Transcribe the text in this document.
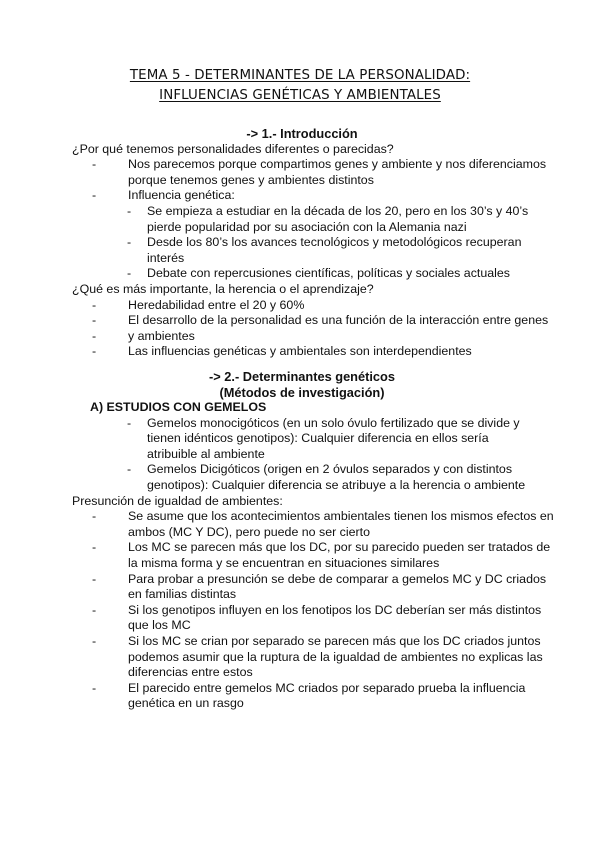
TEMA 5 - DETERMINANTES DE LA PERSONALIDAD:
INFLUENCIAS GENÉTICAS Y AMBIENTALES
-> 1.- Introducción
¿Por qué tenemos personalidades diferentes o parecidas?
- Nos parecemos porque compartimos genes y ambiente y nos diferenciamos
porque tenemos genes y ambientes distintos
- Influencia genética:
- Se empieza a estudiar en la década de los 20, pero en los 30’s y 40’s
pierde popularidad por su asociación con la Alemania nazi
- Desde los 80’s los avances tecnológicos y metodológicos recuperan
interés
- Debate con repercusiones científicas, políticas y sociales actuales
¿Qué es más importante, la herencia o el aprendizaje?
- Heredabilidad entre el 20 y 60%
- El desarrollo de la personalidad es una función de la interacción entre genes
- y ambientes
- Las influencias genéticas y ambientales son interdependientes
-> 2.- Determinantes genéticos
(Métodos de investigación)
A) ESTUDIOS CON GEMELOS
- Gemelos monocigóticos (en un solo óvulo fertilizado que se divide y
tienen idénticos genotipos): Cualquier diferencia en ellos sería
atribuible al ambiente
- Gemelos Dicigóticos (origen en 2 óvulos separados y con distintos
genotipos): Cualquier diferencia se atribuye a la herencia o ambiente
Presunción de igualdad de ambientes:
- Se asume que los acontecimientos ambientales tienen los mismos efectos en
ambos (MC Y DC), pero puede no ser cierto
- Los MC se parecen más que los DC, por su parecido pueden ser tratados de
la misma forma y se encuentran en situaciones similares
- Para probar a presunción se debe de comparar a gemelos MC y DC criados
en familias distintas
- Si los genotipos influyen en los fenotipos los DC deberían ser más distintos
que los MC
- Si los MC se crian por separado se parecen más que los DC criados juntos
podemos asumir que la ruptura de la igualdad de ambientes no explicas las
diferencias entre estos
- El parecido entre gemelos MC criados por separado prueba la influencia
genética en un rasgo
